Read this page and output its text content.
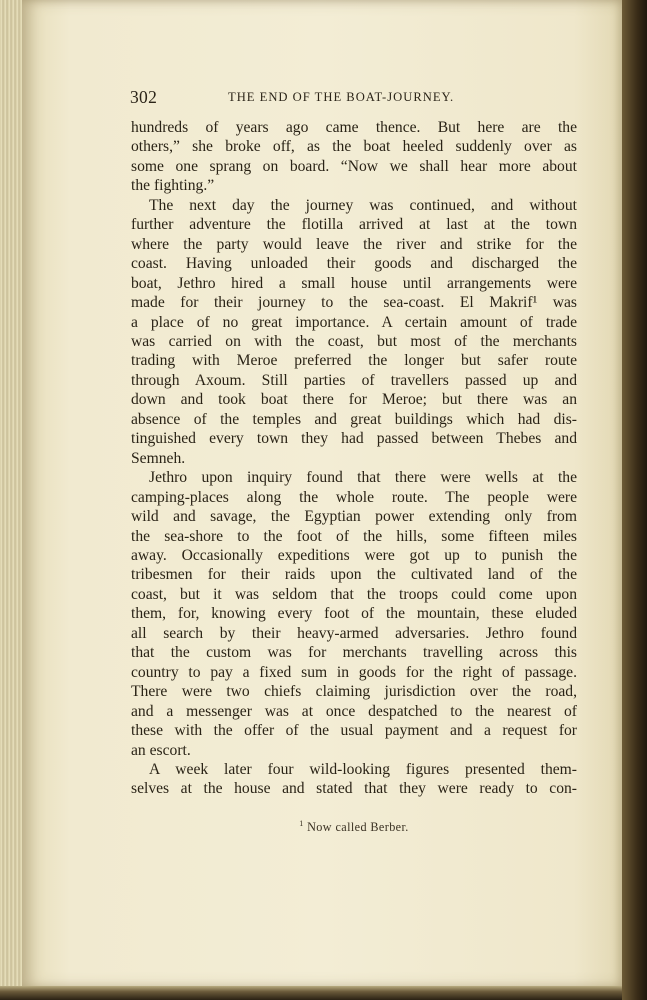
302	THE END OF THE BOAT-JOURNEY.

hundreds of years ago came thence. But here are the

others,” she broke off, as the boat heeled suddenly over as

some one sprang on board. “Now we shall hear more about

the fighting.”

The next day the journey was continued, and without

further adventure the flotilla arrived at last at the town

where the party would leave the river and strike for the

coast. Having unloaded their goods and discharged the

boat, Jethro hired a small house until arrangements were

made for their journey to the sea-coast. El Makrif¹ was

a place of no great importance. A certain amount of trade

was carried on with the coast, but most of the merchants

trading with Meroe preferred the longer but safer route

through Axoum. Still parties of travellers passed up and

down and took boat there for Meroe; but there was an

absence of the temples and great buildings which had dis-

tinguished every town they had passed between Thebes and

Semneh.

Jethro upon inquiry found that there were wells at the

camping-places along the whole route. The people were

wild and savage, the Egyptian power extending only from

the sea-shore to the foot of the hills, some fifteen miles

away. Occasionally expeditions were got up to punish the

tribesmen for their raids upon the cultivated land of the

coast, but it was seldom that the troops could come upon

them, for, knowing every foot of the mountain, these eluded

all search by their heavy-armed adversaries. Jethro found

that the custom was for merchants travelling across this

country to pay a fixed sum in goods for the right of passage.

There were two chiefs claiming jurisdiction over the road,

and a messenger was at once despatched to the nearest of

these with the offer of the usual payment and a request for

an escort.

A week later four wild-looking figures presented them-

selves at the house and stated that they were ready to con-

$^1$ Now called Berber.
